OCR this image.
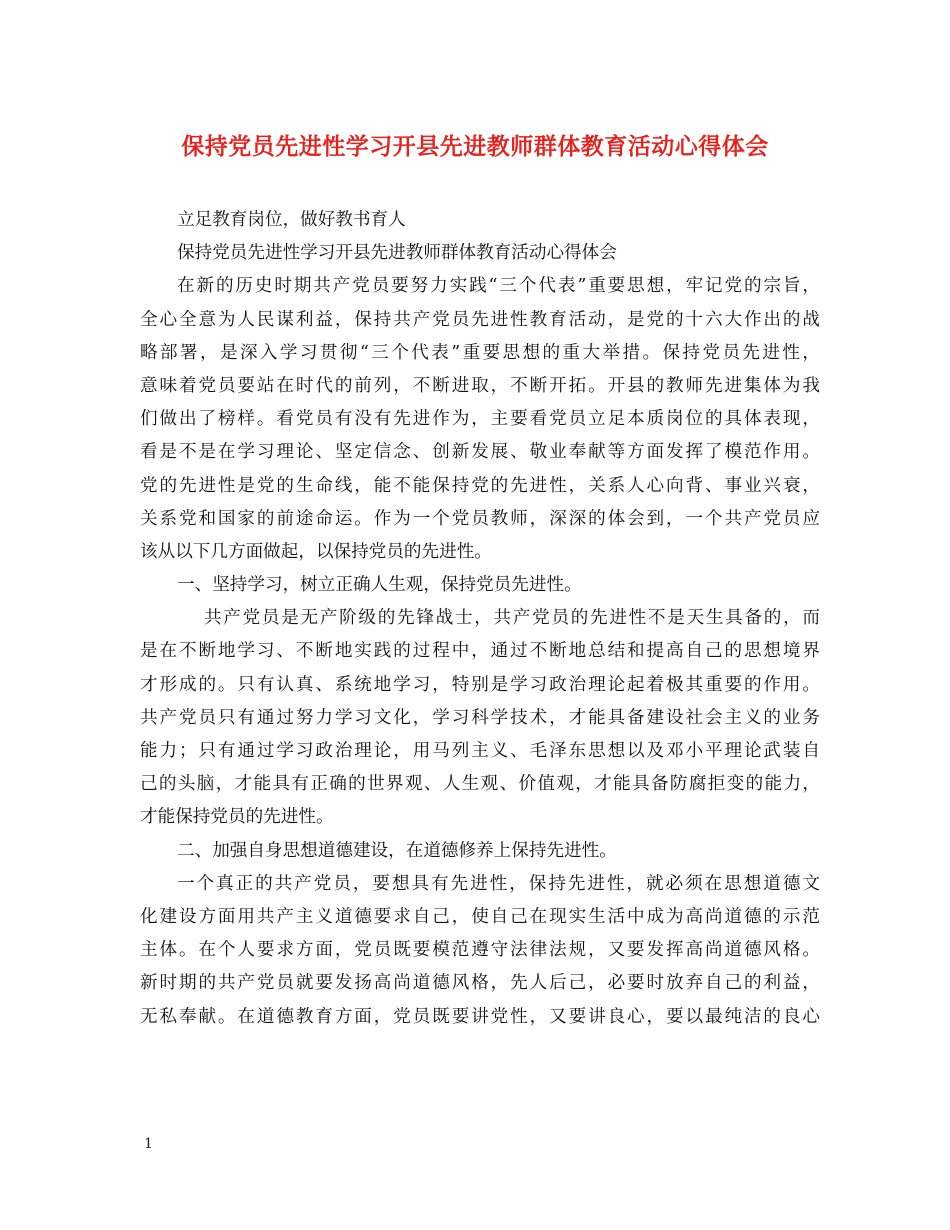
保持党员先进性学习开县先进教师群体教育活动心得体会
立足教育岗位，做好教书育人
保持党员先进性学习开县先进教师群体教育活动心得体会
在新的历史时期共产党员要努力实践“三个代表”重要思想，牢记党的宗旨，
全心全意为人民谋利益，保持共产党员先进性教育活动，是党的十六大作出的战
略部署，是深入学习贯彻“三个代表”重要思想的重大举措。保持党员先进性，
意味着党员要站在时代的前列，不断进取，不断开拓。开县的教师先进集体为我
们做出了榜样。看党员有没有先进作为，主要看党员立足本质岗位的具体表现，
看是不是在学习理论、坚定信念、创新发展、敬业奉献等方面发挥了模范作用。
党的先进性是党的生命线，能不能保持党的先进性，关系人心向背、事业兴衰，
关系党和国家的前途命运。作为一个党员教师，深深的体会到，一个共产党员应
该从以下几方面做起，以保持党员的先进性。
一、坚持学习，树立正确人生观，保持党员先进性。
共产党员是无产阶级的先锋战士，共产党员的先进性不是天生具备的，而
是在不断地学习、不断地实践的过程中，通过不断地总结和提高自己的思想境界
才形成的。只有认真、系统地学习，特别是学习政治理论起着极其重要的作用。
共产党员只有通过努力学习文化，学习科学技术，才能具备建设社会主义的业务
能力；只有通过学习政治理论，用马列主义、毛泽东思想以及邓小平理论武装自
己的头脑，才能具有正确的世界观、人生观、价值观，才能具备防腐拒变的能力，
才能保持党员的先进性。
二、加强自身思想道德建设，在道德修养上保持先进性。
一个真正的共产党员，要想具有先进性，保持先进性，就必须在思想道德文
化建设方面用共产主义道德要求自己，使自己在现实生活中成为高尚道德的示范
主体。在个人要求方面，党员既要模范遵守法律法规，又要发挥高尚道德风格。
新时期的共产党员就要发扬高尚道德风格，先人后己，必要时放弃自己的利益，
无私奉献。在道德教育方面，党员既要讲党性，又要讲良心，要以最纯洁的良心
1
